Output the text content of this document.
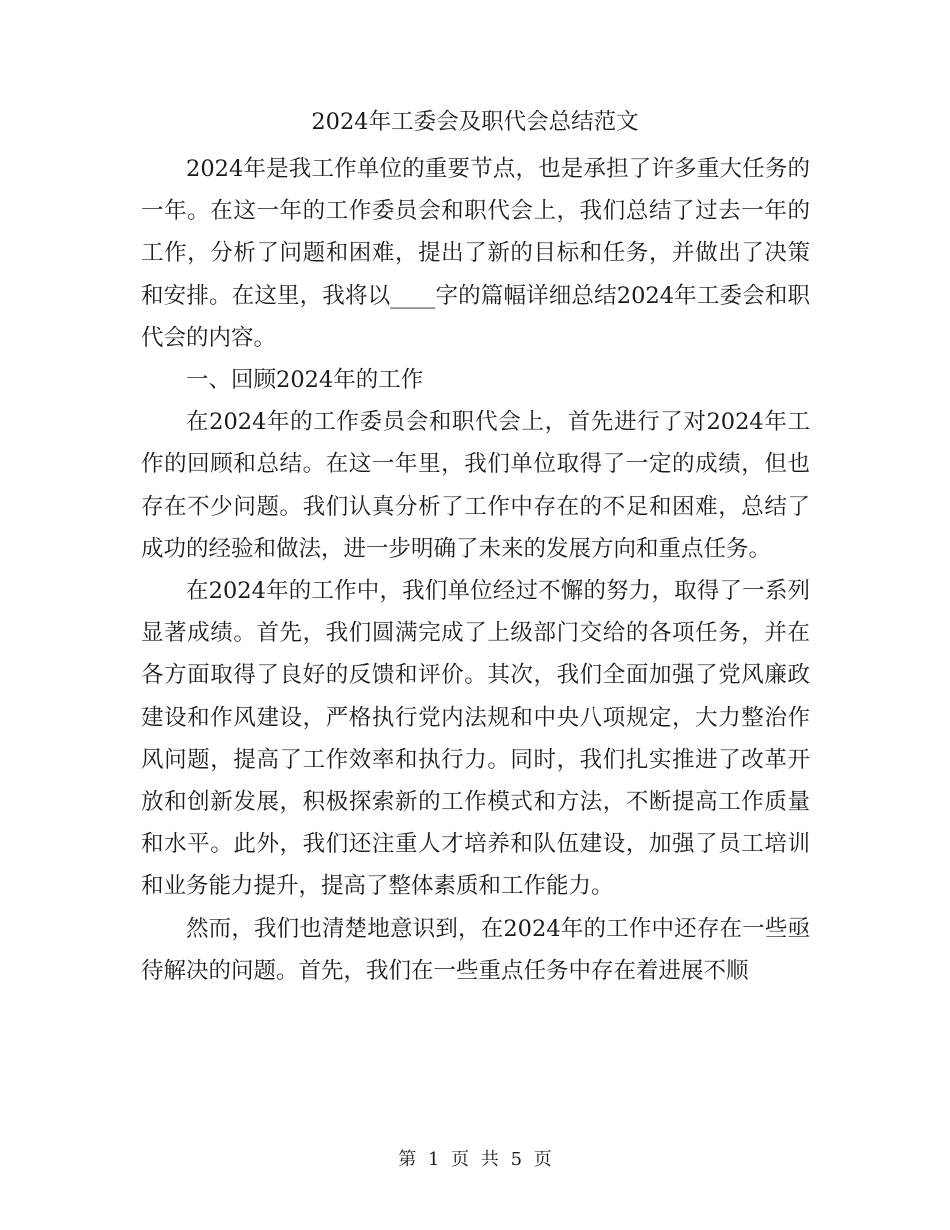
2024年工委会及职代会总结范文

2024年是我工作单位的重要节点，也是承担了许多重大任务的一年。在这一年的工作委员会和职代会上，我们总结了过去一年的工作，分析了问题和困难，提出了新的目标和任务，并做出了决策和安排。在这里，我将以____字的篇幅详细总结2024年工委会和职代会的内容。

一、回顾2024年的工作

在2024年的工作委员会和职代会上，首先进行了对2024年工作的回顾和总结。在这一年里，我们单位取得了一定的成绩，但也存在不少问题。我们认真分析了工作中存在的不足和困难，总结了成功的经验和做法，进一步明确了未来的发展方向和重点任务。

在2024年的工作中，我们单位经过不懈的努力，取得了一系列显著成绩。首先，我们圆满完成了上级部门交给的各项任务，并在各方面取得了良好的反馈和评价。其次，我们全面加强了党风廉政建设和作风建设，严格执行党内法规和中央八项规定，大力整治作风问题，提高了工作效率和执行力。同时，我们扎实推进了改革开放和创新发展，积极探索新的工作模式和方法，不断提高工作质量和水平。此外，我们还注重人才培养和队伍建设，加强了员工培训和业务能力提升，提高了整体素质和工作能力。

然而，我们也清楚地意识到，在2024年的工作中还存在一些亟待解决的问题。首先，我们在一些重点任务中存在着进展不顺

第 1 页 共 5 页
